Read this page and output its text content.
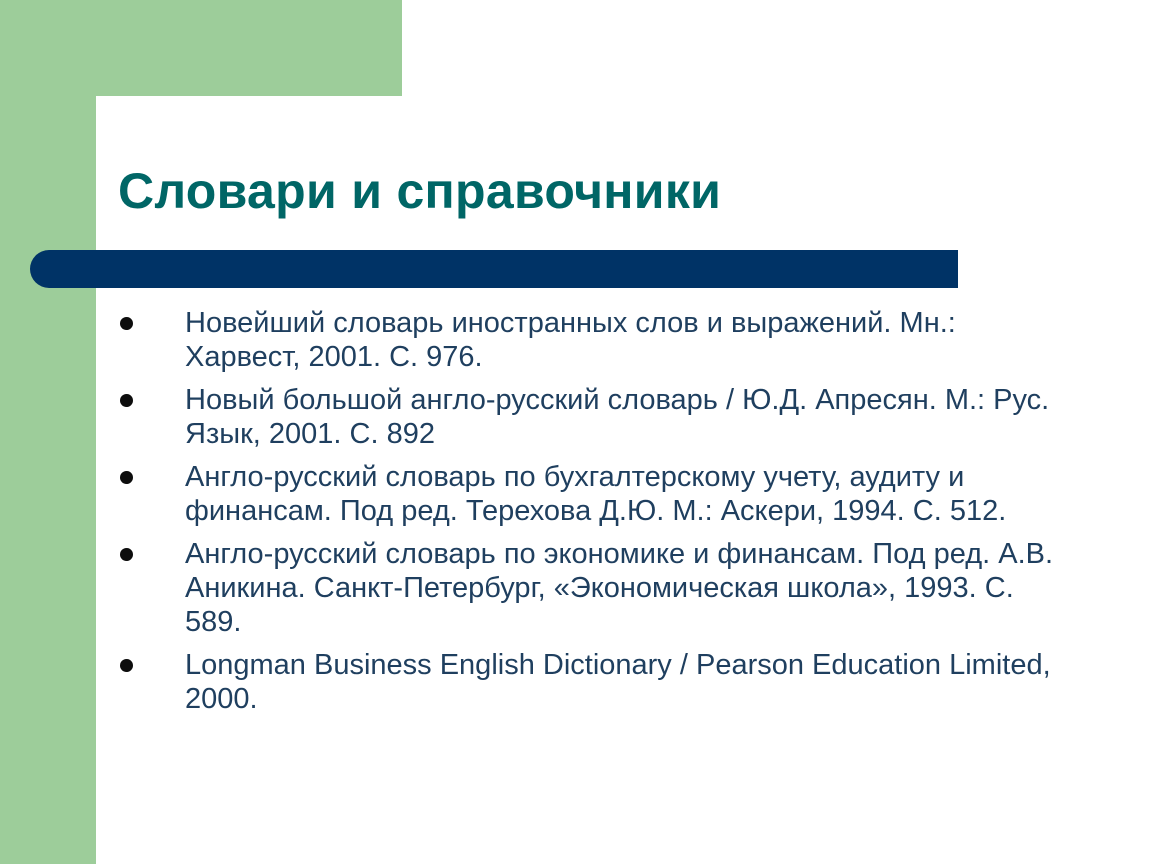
Словари и справочники
Новейший словарь иностранных слов и выражений. Мн.: Харвест, 2001. С. 976.
Новый большой англо-русский словарь / Ю.Д. Апресян. М.: Рус. Язык, 2001. С. 892
Англо-русский словарь по бухгалтерскому учету, аудиту и финансам. Под ред. Терехова Д.Ю. М.: Аскери, 1994. С. 512.
Англо-русский словарь по экономике и финансам. Под ред. А.В. Аникина. Санкт-Петербург, «Экономическая школа», 1993. С. 589.
Longman Business English Dictionary / Pearson Education Limited, 2000.
